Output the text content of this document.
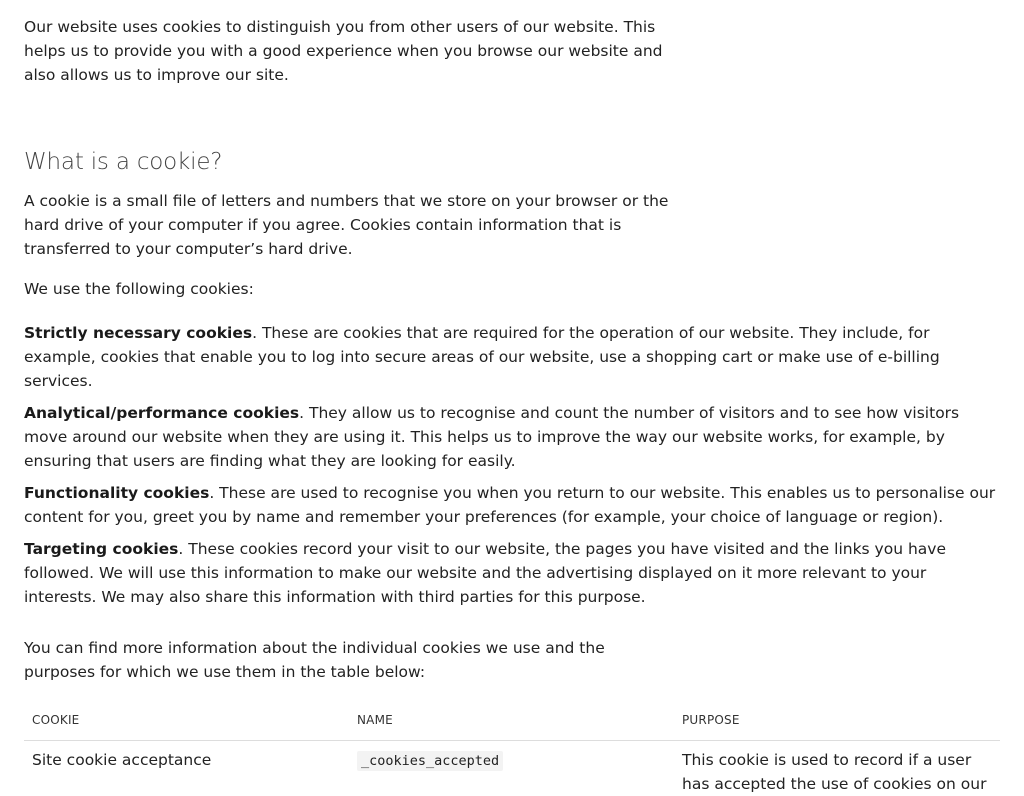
Our website uses cookies to distinguish you from other users of our website. This helps us to provide you with a good experience when you browse our website and also allows us to improve our site.

What is a cookie?

A cookie is a small file of letters and numbers that we store on your browser or the hard drive of your computer if you agree. Cookies contain information that is transferred to your computer’s hard drive.

We use the following cookies:

Strictly necessary cookies. These are cookies that are required for the operation of our website. They include, for example, cookies that enable you to log into secure areas of our website, use a shopping cart or make use of e-billing services.

Analytical/performance cookies. They allow us to recognise and count the number of visitors and to see how visitors move around our website when they are using it. This helps us to improve the way our website works, for example, by ensuring that users are finding what they are looking for easily.

Functionality cookies. These are used to recognise you when you return to our website. This enables us to personalise our content for you, greet you by name and remember your preferences (for example, your choice of language or region).

Targeting cookies. These cookies record your visit to our website, the pages you have visited and the links you have followed. We will use this information to make our website and the advertising displayed on it more relevant to your interests. We may also share this information with third parties for this purpose.

You can find more information about the individual cookies we use and the purposes for which we use them in the table below:

COOKIE	NAME	PURPOSE
Site cookie acceptance	_cookies_accepted	This cookie is used to record if a user has accepted the use of cookies on our
